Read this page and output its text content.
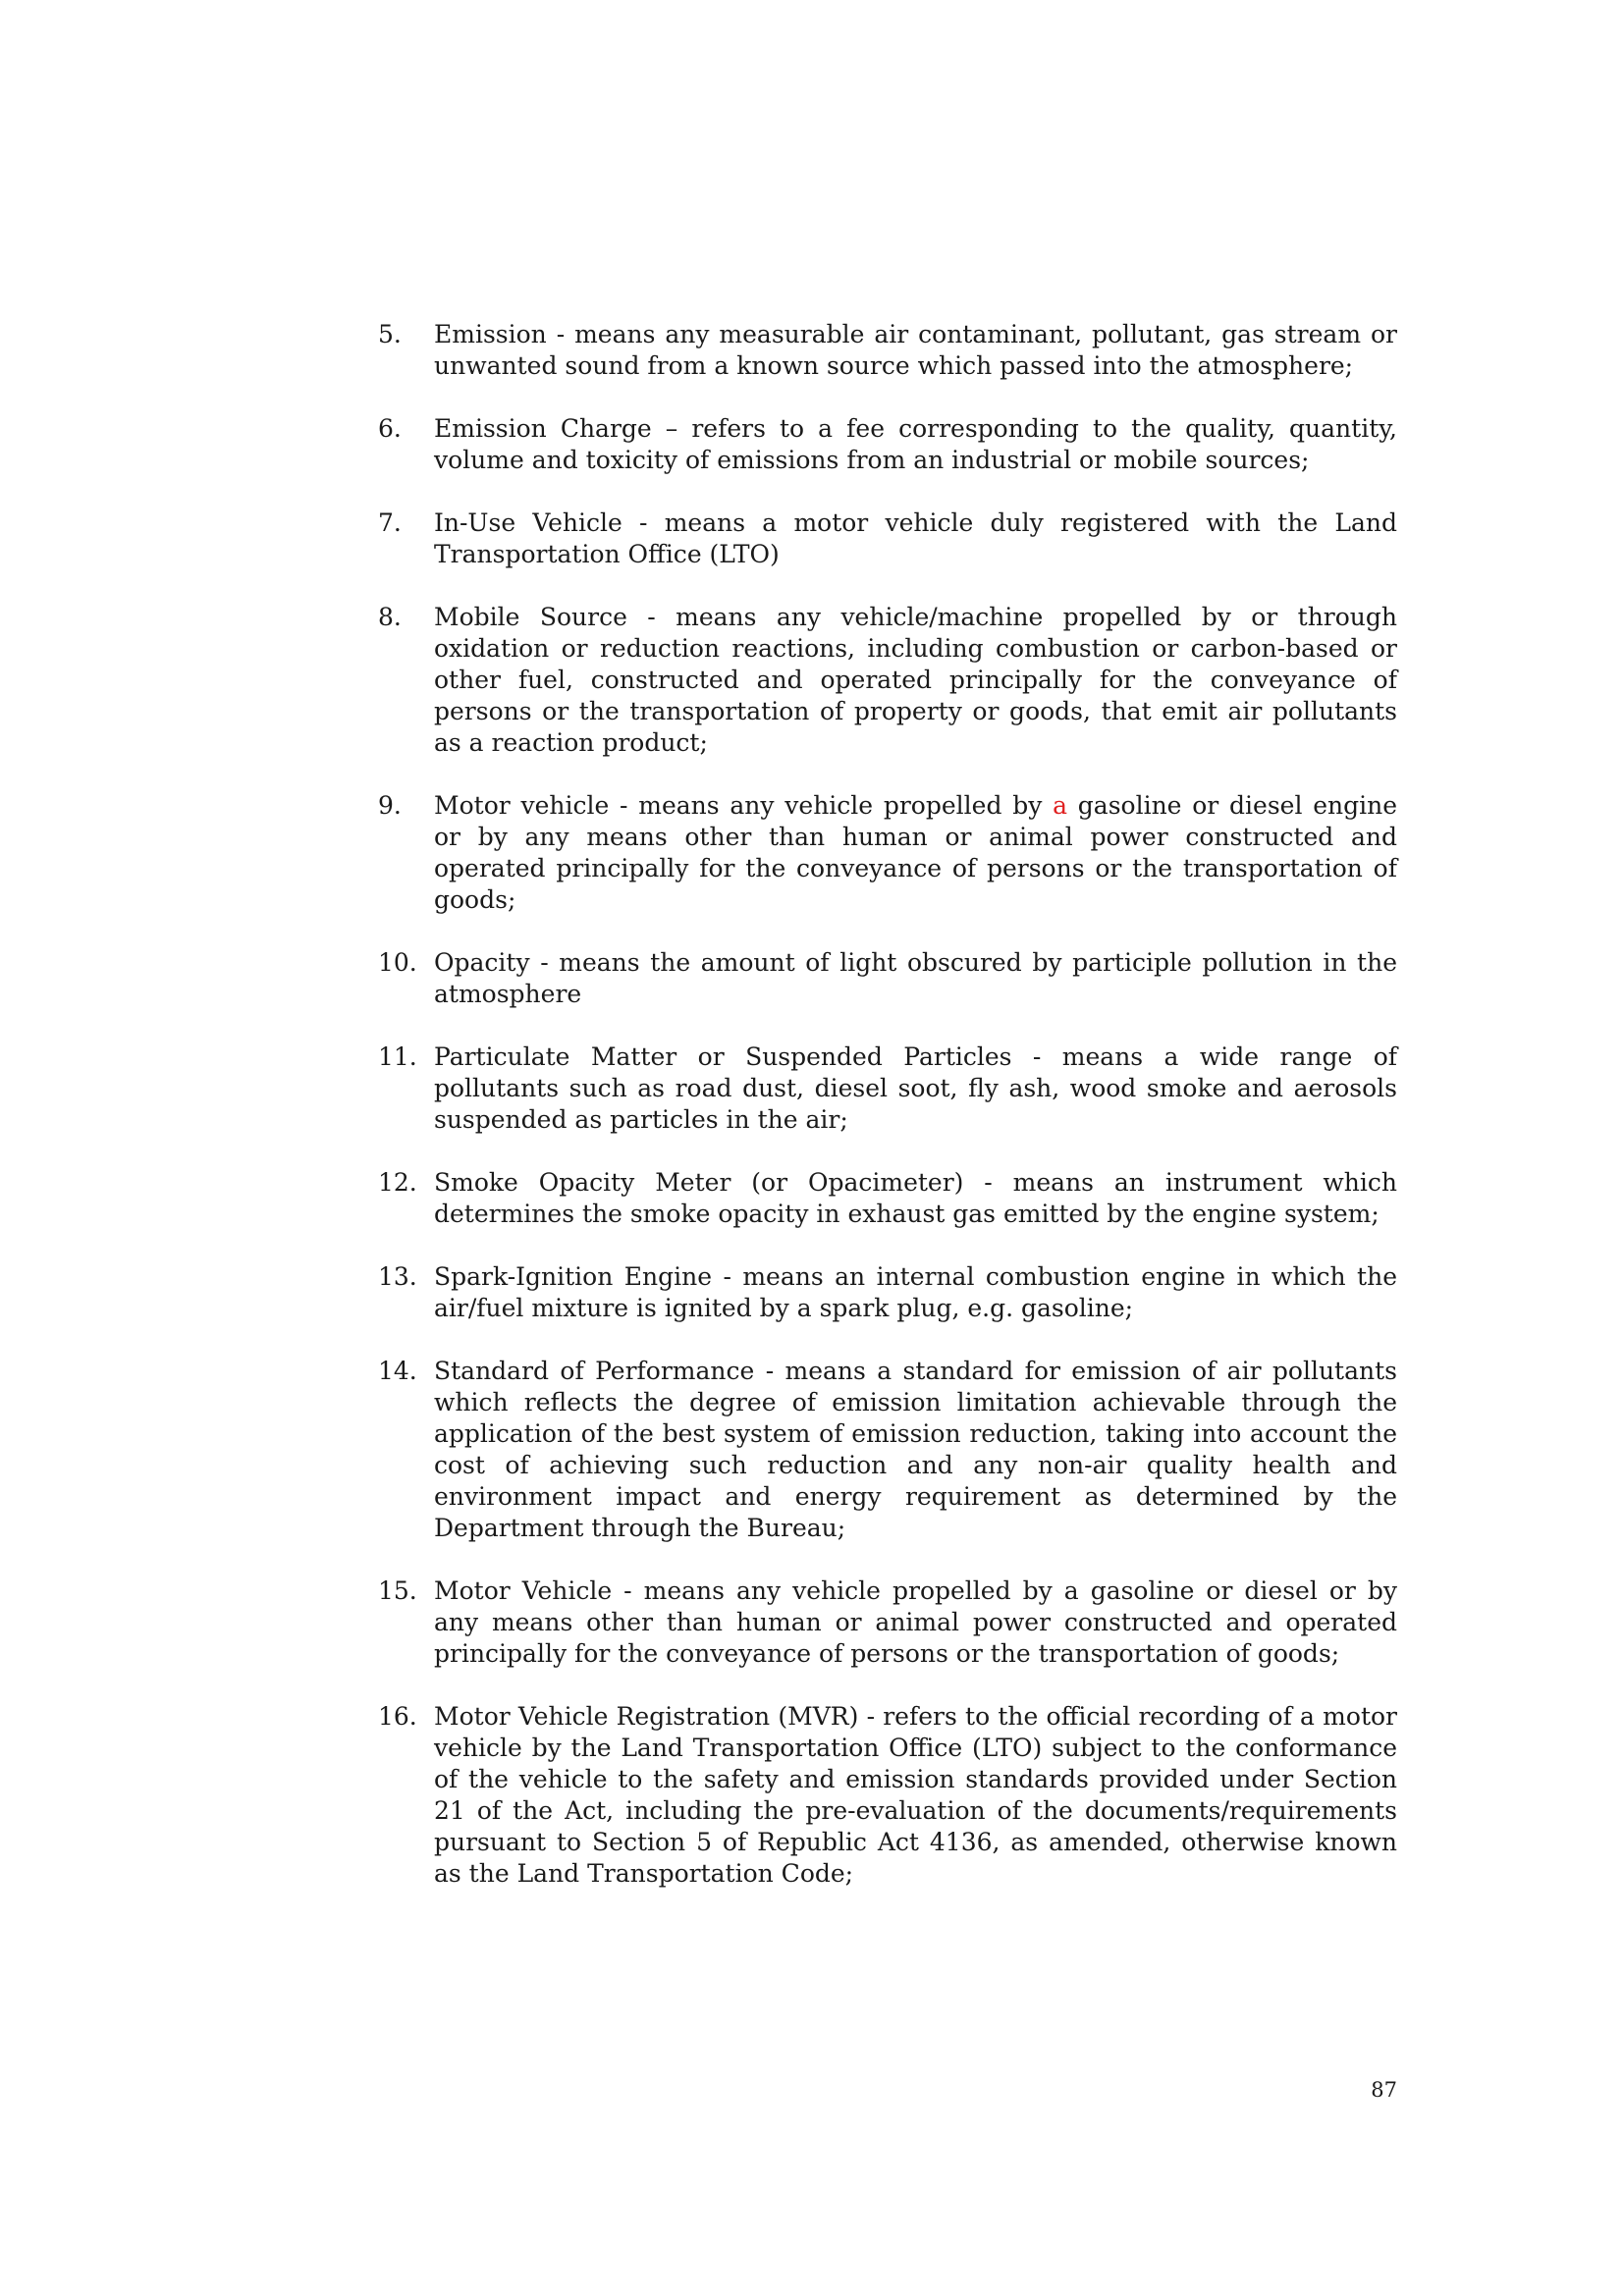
5.	Emission - means any measurable air contaminant, pollutant, gas stream or unwanted sound from a known source which passed into the atmosphere;
6.	Emission Charge – refers to a fee corresponding to the quality, quantity, volume and toxicity of emissions from an industrial or mobile sources;
7.	In-Use Vehicle - means a motor vehicle duly registered with the Land Transportation Office (LTO)
8.	Mobile Source - means any vehicle/machine propelled by or through oxidation or reduction reactions, including combustion or carbon-based or other fuel, constructed and operated principally for the conveyance of persons or the transportation of property or goods, that emit air pollutants as a reaction product;
9.	Motor vehicle - means any vehicle propelled by a gasoline or diesel engine or by any means other than human or animal power constructed and operated principally for the conveyance of persons or the transportation of goods;
10. Opacity - means the amount of light obscured by participle pollution in the atmosphere
11. Particulate Matter or Suspended Particles - means a wide range of pollutants such as road dust, diesel soot, fly ash, wood smoke and aerosols suspended as particles in the air;
12. Smoke Opacity Meter (or Opacimeter) - means an instrument which determines the smoke opacity in exhaust gas emitted by the engine system;
13. Spark-Ignition Engine - means an internal combustion engine in which the air/fuel mixture is ignited by a spark plug, e.g. gasoline;
14. Standard of Performance - means a standard for emission of air pollutants which reflects the degree of emission limitation achievable through the application of the best system of emission reduction, taking into account the cost of achieving such reduction and any non-air quality health and environment impact and energy requirement as determined by the Department through the Bureau;
15. Motor Vehicle - means any vehicle propelled by a gasoline or diesel or by any means other than human or animal power constructed and operated principally for the conveyance of persons or the transportation of goods;
16. Motor Vehicle Registration (MVR) - refers to the official recording of a motor vehicle by the Land Transportation Office (LTO) subject to the conformance of the vehicle to the safety and emission standards provided under Section 21 of the Act, including the pre-evaluation of the documents/requirements pursuant to Section 5 of Republic Act 4136, as amended, otherwise known as the Land Transportation Code;
87
